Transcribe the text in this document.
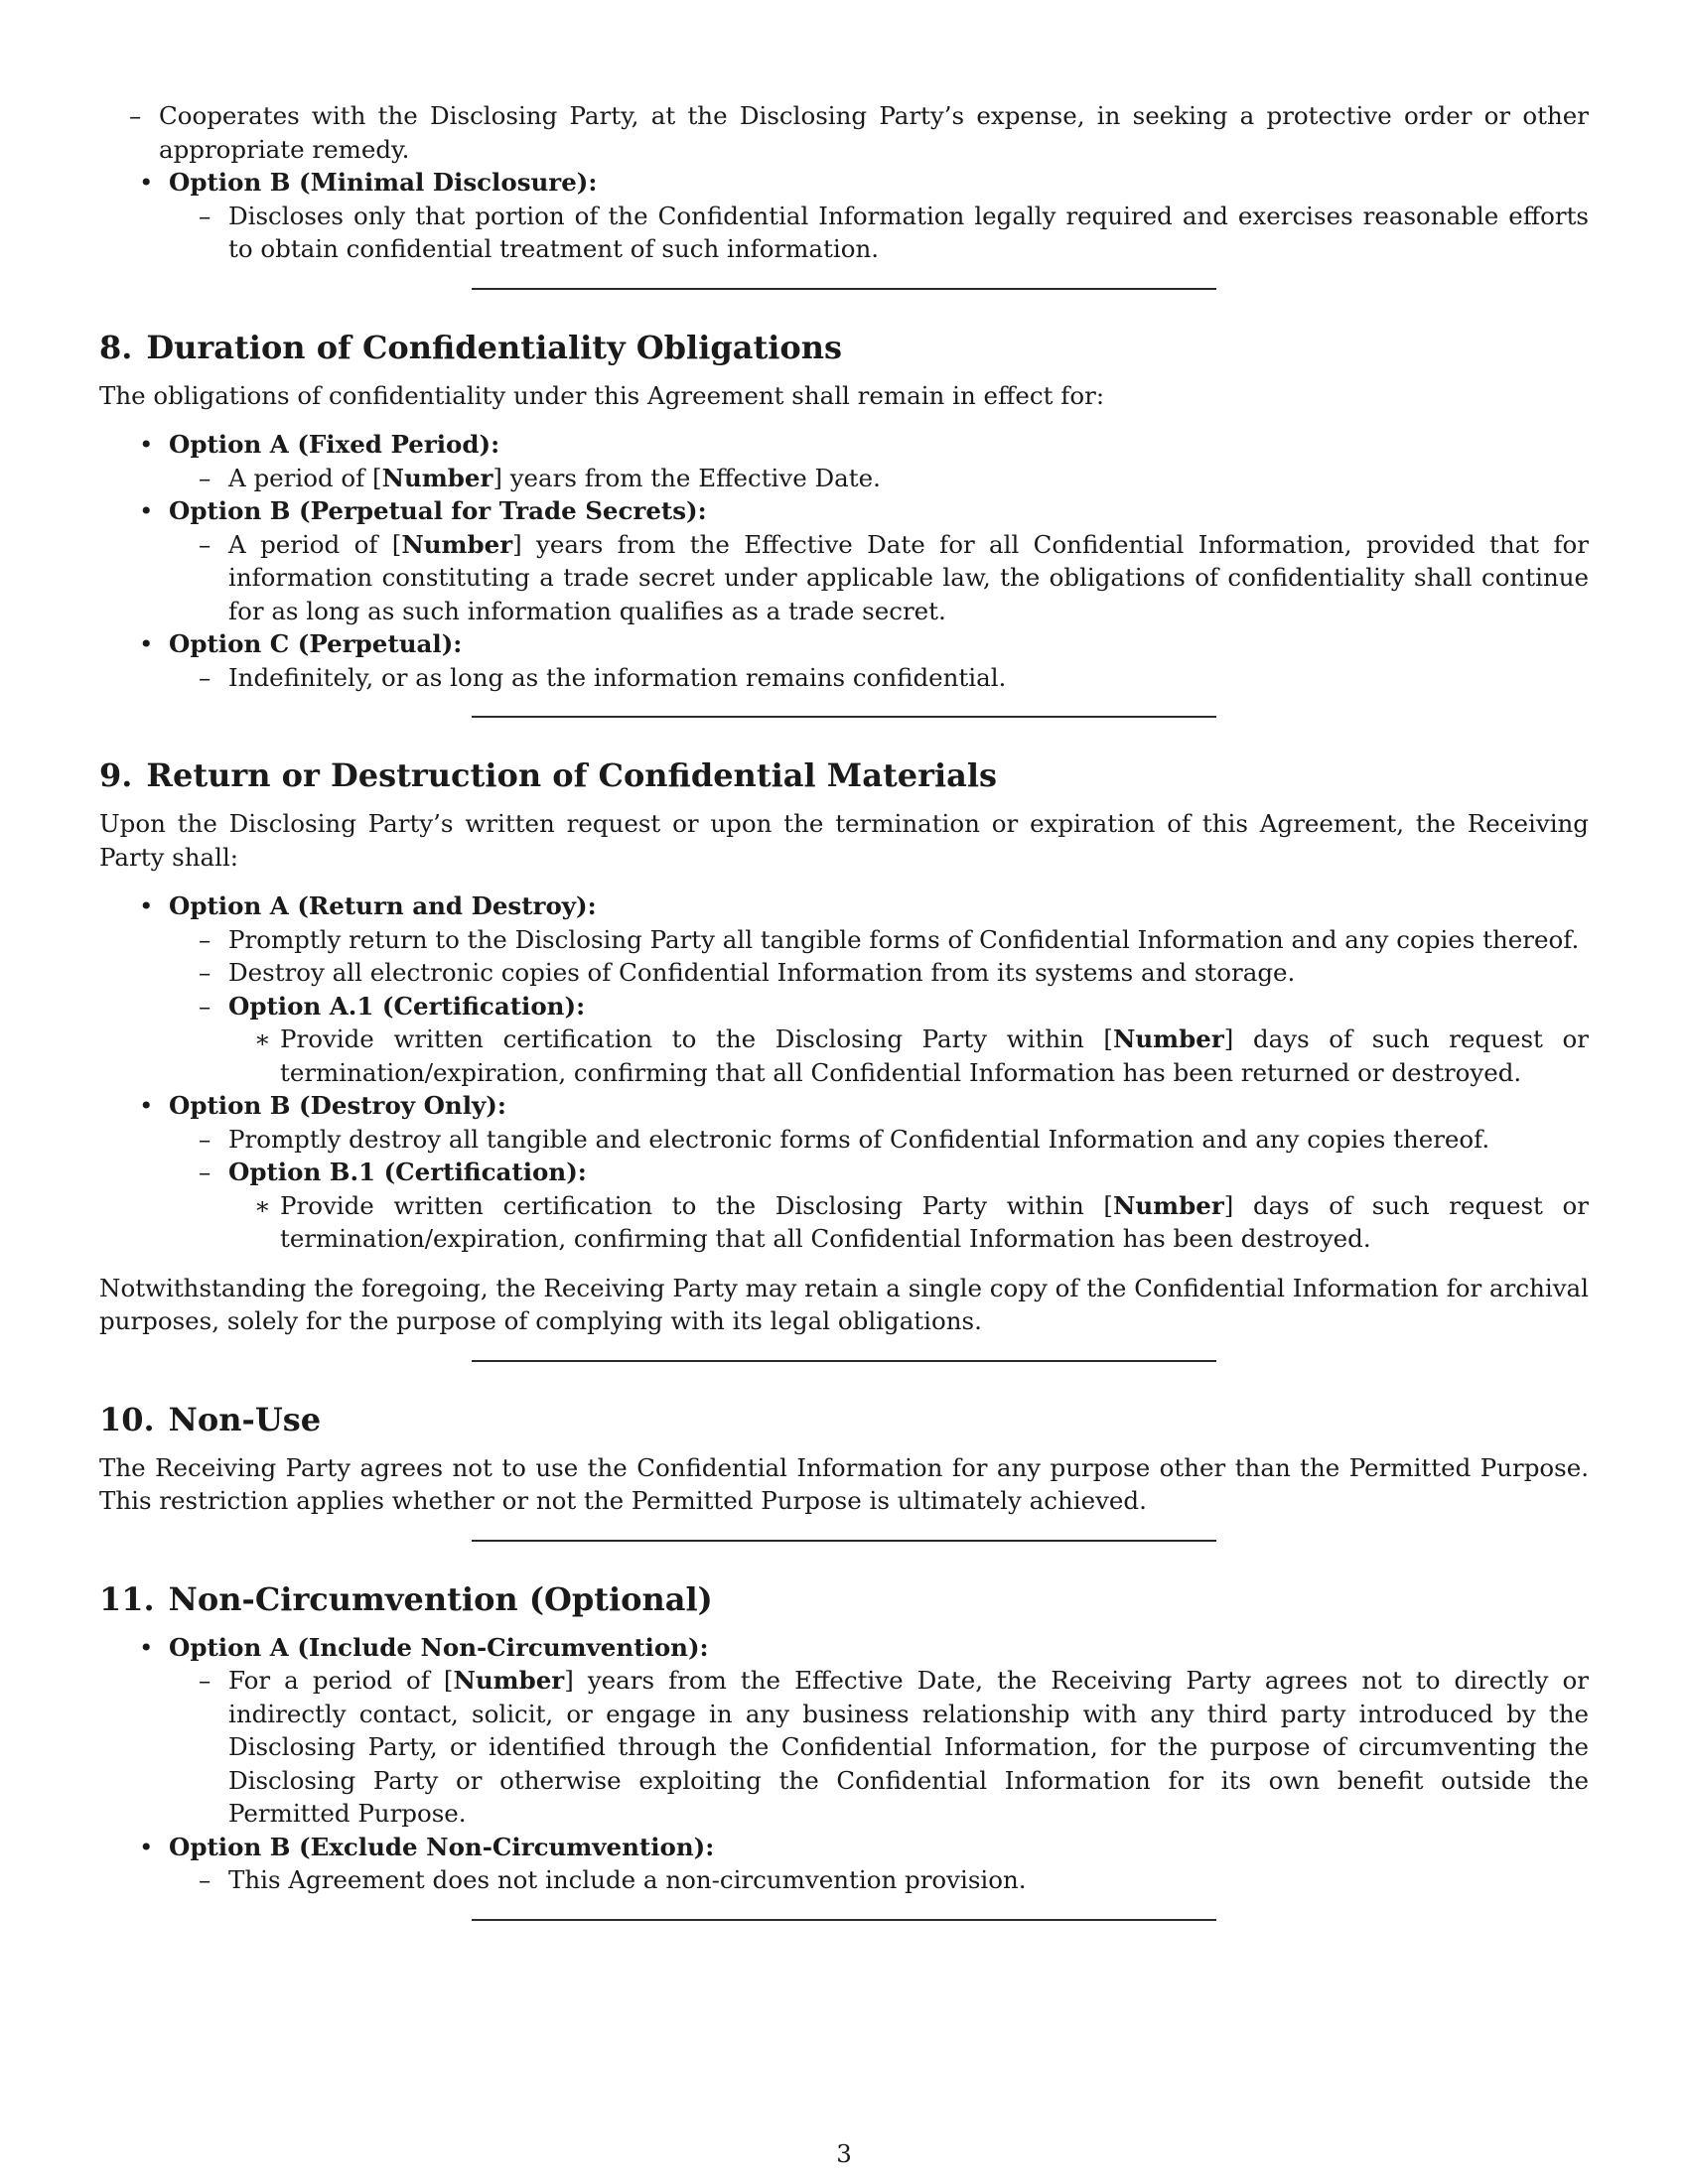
– Cooperates with the Disclosing Party, at the Disclosing Party’s expense, in seeking a protective order or other appropriate remedy.
• Option B (Minimal Disclosure):
– Discloses only that portion of the Confidential Information legally required and exercises reasonable efforts to obtain confidential treatment of such information.
8. Duration of Confidentiality Obligations

The obligations of confidentiality under this Agreement shall remain in effect for:

• Option A (Fixed Period):
– A period of [Number] years from the Effective Date.
• Option B (Perpetual for Trade Secrets):
– A period of [Number] years from the Effective Date for all Confidential Information, provided that for information constituting a trade secret under applicable law, the obligations of confidentiality shall continue for as long as such information qualifies as a trade secret.
• Option C (Perpetual):
– Indefinitely, or as long as the information remains confidential.
9. Return or Destruction of Confidential Materials

Upon the Disclosing Party’s written request or upon the termination or expiration of this Agreement, the Receiving Party shall:

• Option A (Return and Destroy):
– Promptly return to the Disclosing Party all tangible forms of Confidential Information and any copies thereof.
– Destroy all electronic copies of Confidential Information from its systems and storage.
– Option A.1 (Certification):
∗ Provide written certification to the Disclosing Party within [Number] days of such request or termination/expiration, confirming that all Confidential Information has been returned or destroyed.
• Option B (Destroy Only):
– Promptly destroy all tangible and electronic forms of Confidential Information and any copies thereof.
– Option B.1 (Certification):
∗ Provide written certification to the Disclosing Party within [Number] days of such request or termination/expiration, confirming that all Confidential Information has been destroyed.

Notwithstanding the foregoing, the Receiving Party may retain a single copy of the Confidential Information for archival purposes, solely for the purpose of complying with its legal obligations.

10. Non-Use

The Receiving Party agrees not to use the Confidential Information for any purpose other than the Permitted Purpose. This restriction applies whether or not the Permitted Purpose is ultimately achieved.

11. Non-Circumvention (Optional)
• Option A (Include Non-Circumvention):
– For a period of [Number] years from the Effective Date, the Receiving Party agrees not to directly or indirectly contact, solicit, or engage in any business relationship with any third party introduced by the Disclosing Party, or identified through the Confidential Information, for the purpose of circumventing the Disclosing Party or otherwise exploiting the Confidential Information for its own benefit outside the Permitted Purpose.
• Option B (Exclude Non-Circumvention):
– This Agreement does not include a non-circumvention provision.
3
